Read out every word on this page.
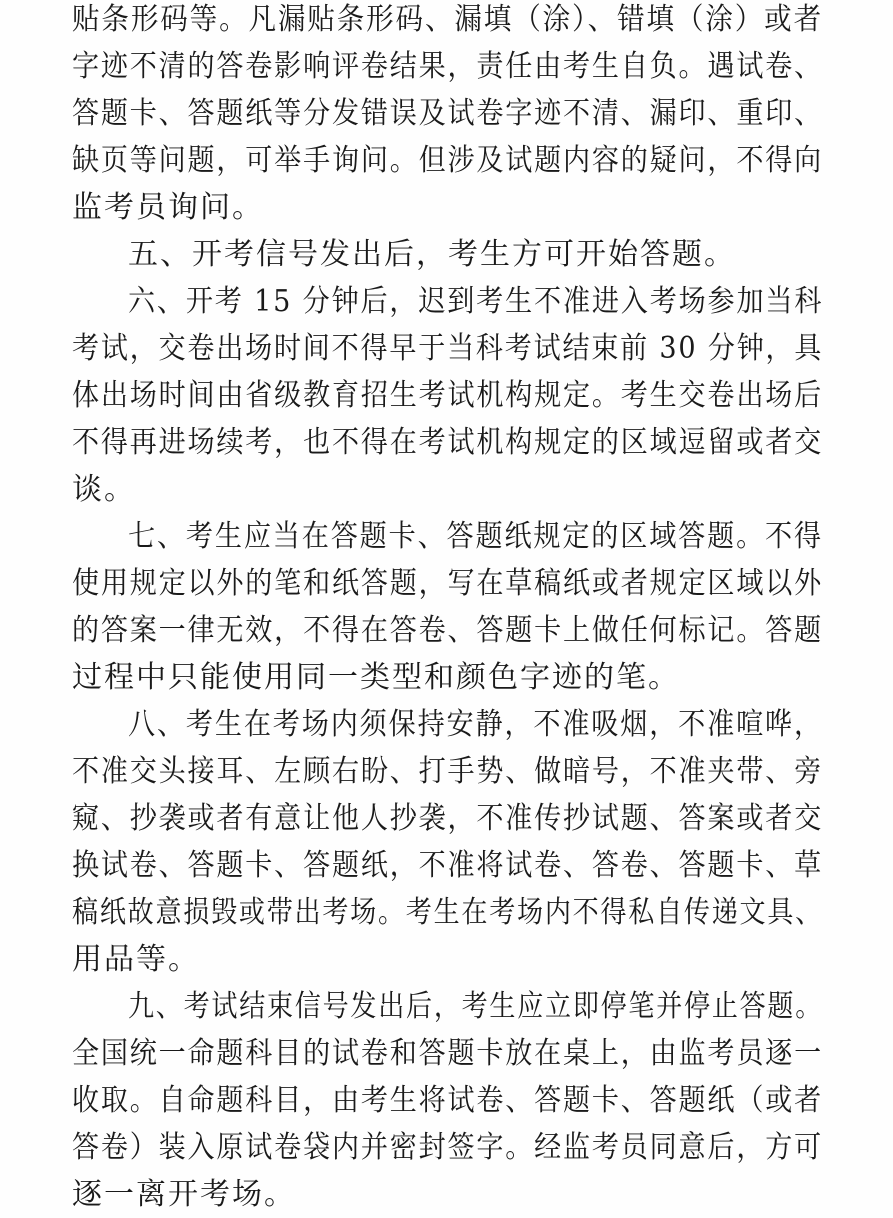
贴条形码等。凡漏贴条形码、漏填（涂）、错填（涂）或者
字迹不清的答卷影响评卷结果，责任由考生自负。遇试卷、
答题卡、答题纸等分发错误及试卷字迹不清、漏印、重印、
缺页等问题，可举手询问。但涉及试题内容的疑问，不得向
监考员询问。
五、开考信号发出后，考生方可开始答题。
六、开考 15 分钟后，迟到考生不准进入考场参加当科
考试，交卷出场时间不得早于当科考试结束前 30 分钟，具
体出场时间由省级教育招生考试机构规定。考生交卷出场后
不得再进场续考，也不得在考试机构规定的区域逗留或者交
谈。
七、考生应当在答题卡、答题纸规定的区域答题。不得
使用规定以外的笔和纸答题，写在草稿纸或者规定区域以外
的答案一律无效，不得在答卷、答题卡上做任何标记。答题
过程中只能使用同一类型和颜色字迹的笔。
八、考生在考场内须保持安静，不准吸烟，不准喧哗，
不准交头接耳、左顾右盼、打手势、做暗号，不准夹带、旁
窥、抄袭或者有意让他人抄袭，不准传抄试题、答案或者交
换试卷、答题卡、答题纸，不准将试卷、答卷、答题卡、草
稿纸故意损毁或带出考场。考生在考场内不得私自传递文具、
用品等。
九、考试结束信号发出后，考生应立即停笔并停止答题。
全国统一命题科目的试卷和答题卡放在桌上，由监考员逐一
收取。自命题科目，由考生将试卷、答题卡、答题纸（或者
答卷）装入原试卷袋内并密封签字。经监考员同意后，方可
逐一离开考场。
